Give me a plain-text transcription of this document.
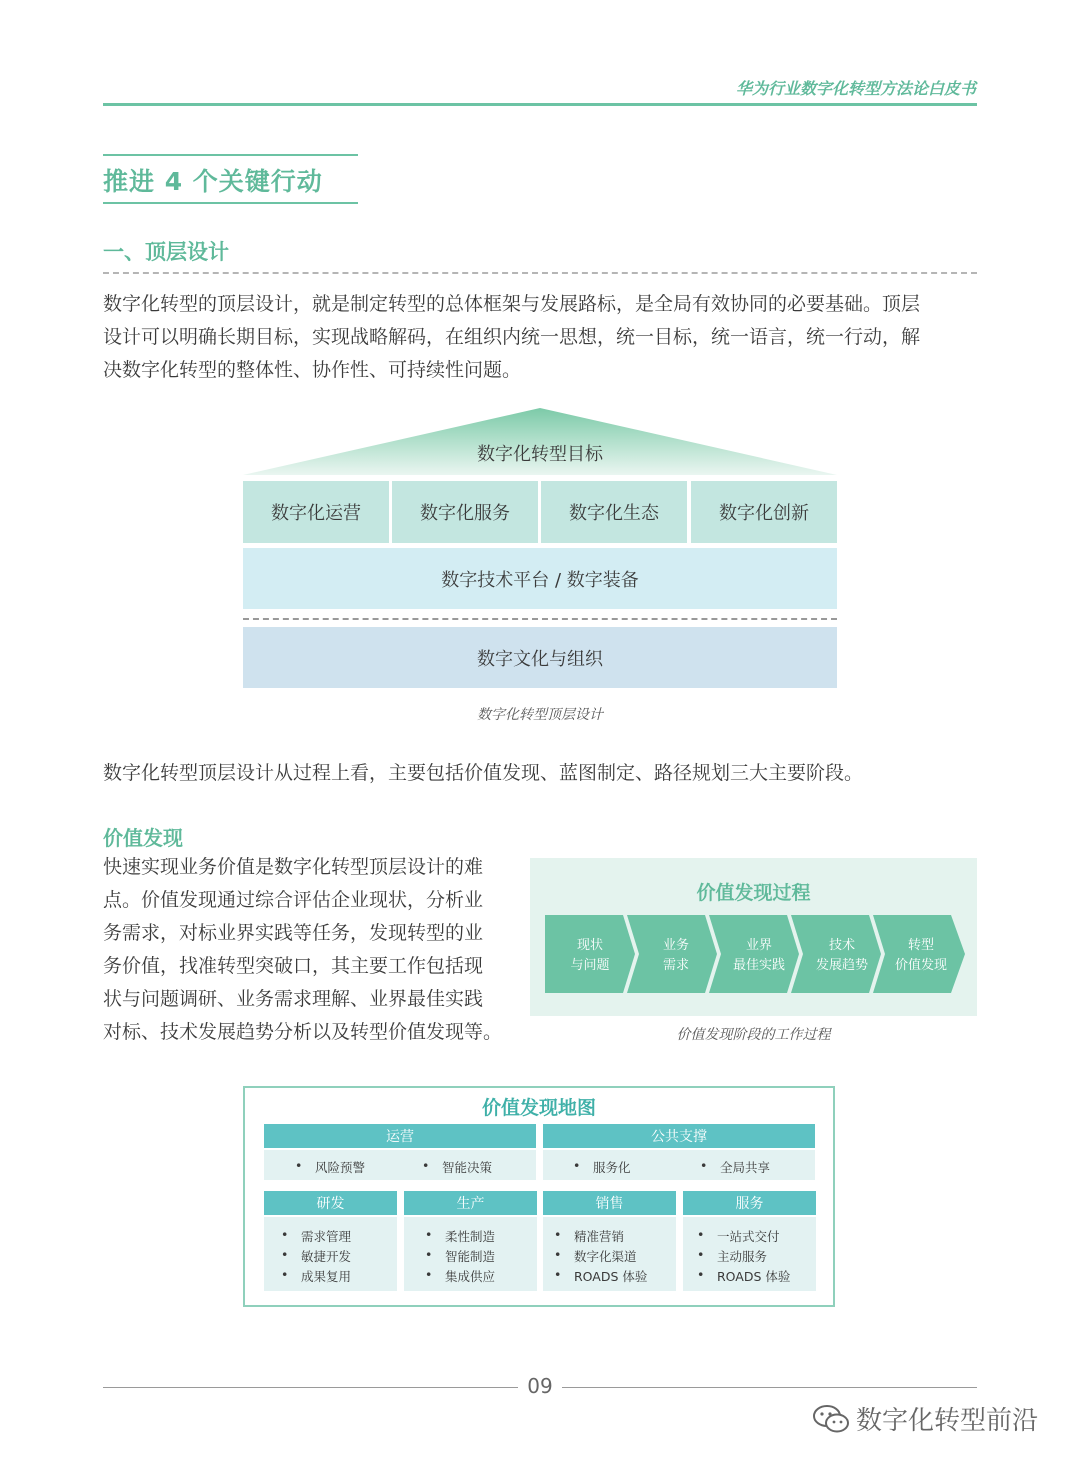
华为行业数字化转型方法论白皮书
推进 4 个关键行动
一、顶层设计
数字化转型的顶层设计，就是制定转型的总体框架与发展路标，是全局有效协同的必要基础。顶层
设计可以明确长期目标，实现战略解码，在组织内统一思想，统一目标，统一语言，统一行动，解
决数字化转型的整体性、协作性、可持续性问题。
数字化转型目标
数字化运营	数字化服务	数字化生态	数字化创新
数字技术平台 / 数字装备
数字文化与组织
数字化转型顶层设计
数字化转型顶层设计从过程上看，主要包括价值发现、蓝图制定、路径规划三大主要阶段。
价值发现
快速实现业务价值是数字化转型顶层设计的难
点。价值发现通过综合评估企业现状，分析业
务需求，对标业界实践等任务，发现转型的业
务价值，找准转型突破口，其主要工作包括现
状与问题调研、业务需求理解、业界最佳实践
对标、技术发展趋势分析以及转型价值发现等。
价值发现过程
现状
与问题
业务
需求
业界
最佳实践
技术
发展趋势
转型
价值发现
价值发现阶段的工作过程
价值发现地图
运营
• 风险预警	• 智能决策
公共支撑
• 服务化	• 全局共享
研发
• 需求管理
• 敏捷开发
• 成果复用
生产
• 柔性制造
• 智能制造
• 集成供应
销售
• 精准营销
• 数字化渠道
• ROADS 体验
服务
• 一站式交付
• 主动服务
• ROADS 体验
09
数字化转型前沿
